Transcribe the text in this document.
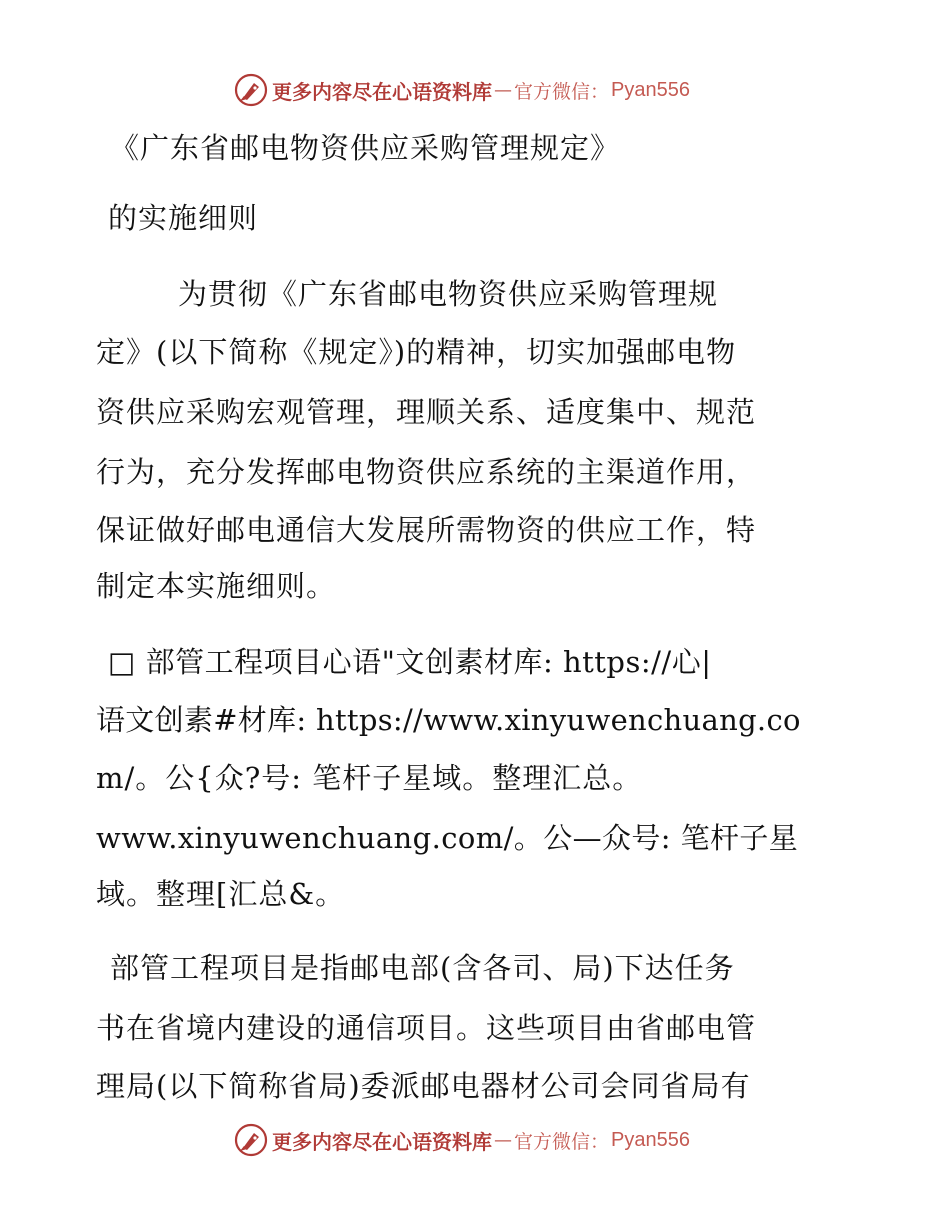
更多内容尽在心语资料库 — 官方微信： Pyan556
《广东省邮电物资供应采购管理规定》
的实施细则
为贯彻《广东省邮电物资供应采购管理规
定》(以下简称《规定》)的精神，切实加强邮电物
资供应采购宏观管理，理顺关系、适度集中、规范
行为，充分发挥邮电物资供应系统的主渠道作用，
保证做好邮电通信大发展所需物资的供应工作，特
制定本实施细则。
□ 部管工程项目心语"文创素材库: https://心|
语文创素#材库: https://www.xinyuwenchuang.co
m/。公{众?号: 笔杆子星域。整理汇总。
www.xinyuwenchuang.com/。公—众号: 笔杆子星
域。整理[汇总&。
部管工程项目是指邮电部(含各司、局)下达任务
书在省境内建设的通信项目。这些项目由省邮电管
理局(以下简称省局)委派邮电器材公司会同省局有
更多内容尽在心语资料库 — 官方微信： Pyan556
